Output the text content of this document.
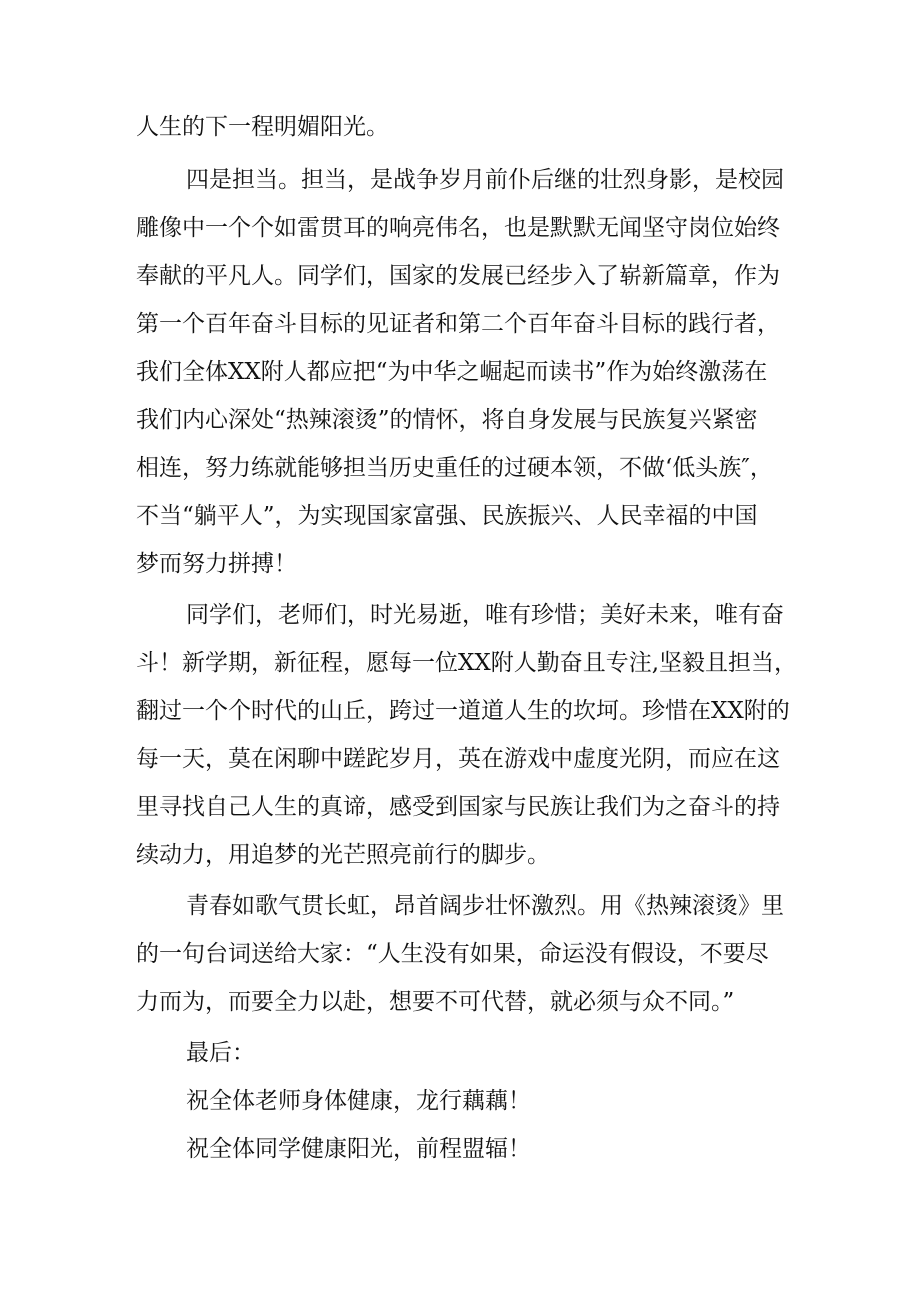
人生的下一程明媚阳光。
四是担当。担当，是战争岁月前仆后继的壮烈身影，是校园
雕像中一个个如雷贯耳的响亮伟名，也是默默无闻坚守岗位始终
奉献的平凡人。同学们，国家的发展已经步入了崭新篇章，作为
第一个百年奋斗目标的见证者和第二个百年奋斗目标的践行者，
我们全体XX附人都应把“为中华之崛起而读书”作为始终激荡在
我们内心深处“热辣滚烫”的情怀，将自身发展与民族复兴紧密
相连，努力练就能够担当历史重任的过硬本领，不做‘低头族″，
不当“躺平人”，为实现国家富强、民族振兴、人民幸福的中国
梦而努力拼搏！
同学们，老师们，时光易逝，唯有珍惜；美好未来，唯有奋
斗！新学期，新征程，愿每一位XX附人勤奋且专注,坚毅且担当，
翻过一个个时代的山丘，跨过一道道人生的坎坷。珍惜在XX附的
每一天，莫在闲聊中蹉跎岁月，英在游戏中虚度光阴，而应在这
里寻找自己人生的真谛，感受到国家与民族让我们为之奋斗的持
续动力，用追梦的光芒照亮前行的脚步。
青春如歌气贯长虹，昂首阔步壮怀激烈。用《热辣滚烫》里
的一句台词送给大家：“人生没有如果，命运没有假设，不要尽
力而为，而要全力以赴，想要不可代替，就必须与众不同。”
最后：
祝全体老师身体健康，龙行藕藕！
祝全体同学健康阳光，前程盟辐！
